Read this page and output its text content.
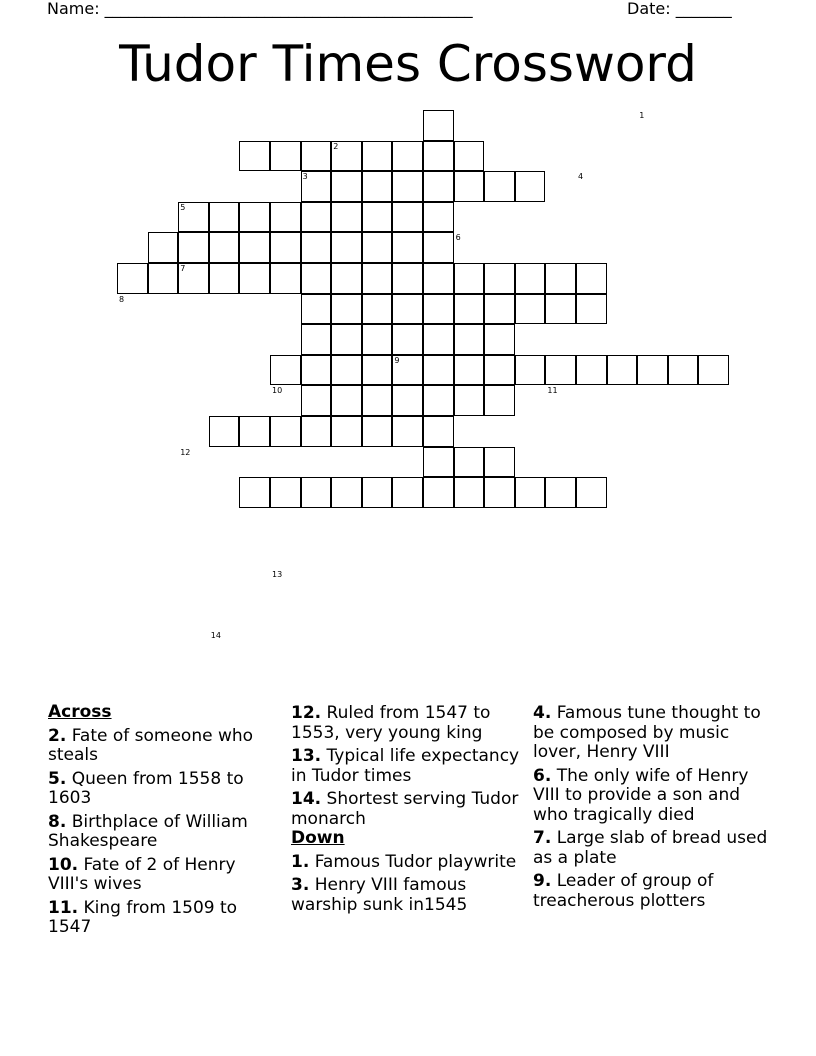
Name: ______________________________________________	Date: _______
Tudor Times Crossword
1
2
3	4
5
6
7
8
9
10	11
12
13
14
Across
2. Fate of someone who steals
5. Queen from 1558 to 1603
8. Birthplace of William Shakespeare
10. Fate of 2 of Henry VIII's wives
11. King from 1509 to 1547
12. Ruled from 1547 to 1553, very young king
13. Typical life expectancy in Tudor times
14. Shortest serving Tudor monarch
Down
1. Famous Tudor playwrite
3. Henry VIII famous warship sunk in1545
4. Famous tune thought to be composed by music lover, Henry VIII
6. The only wife of Henry VIII to provide a son and who tragically died
7. Large slab of bread used as a plate
9. Leader of group of treacherous plotters
